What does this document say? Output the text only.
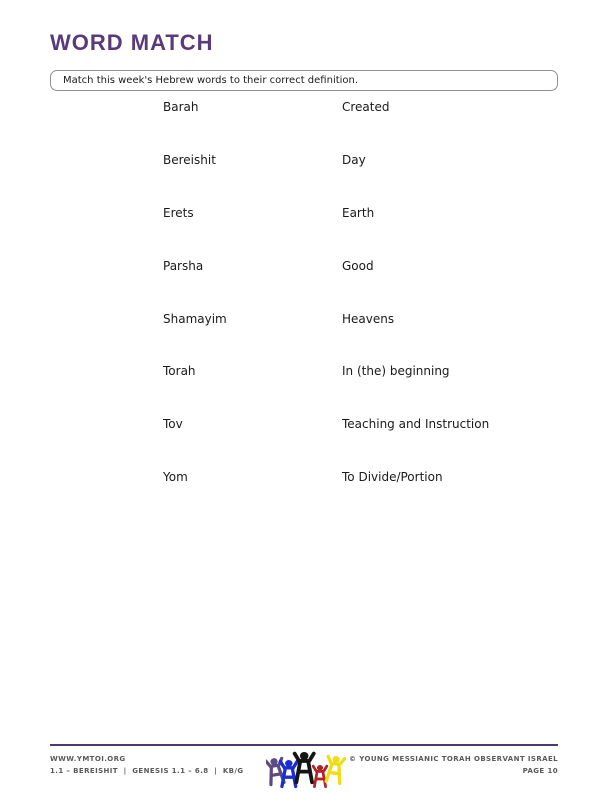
WORD MATCH
Match this week's Hebrew words to their correct definition.
Barah	Created
Bereishit	Day
Erets	Earth
Parsha	Good
Shamayim	Heavens
Torah	In (the) beginning
Tov	Teaching and Instruction
Yom	To Divide/Portion
WWW.YMTOI.ORG
1.1 – BEREISHIT  |  GENESIS 1.1 – 6.8  |  KB/G
© YOUNG MESSIANIC TORAH OBSERVANT ISRAEL
PAGE 10
